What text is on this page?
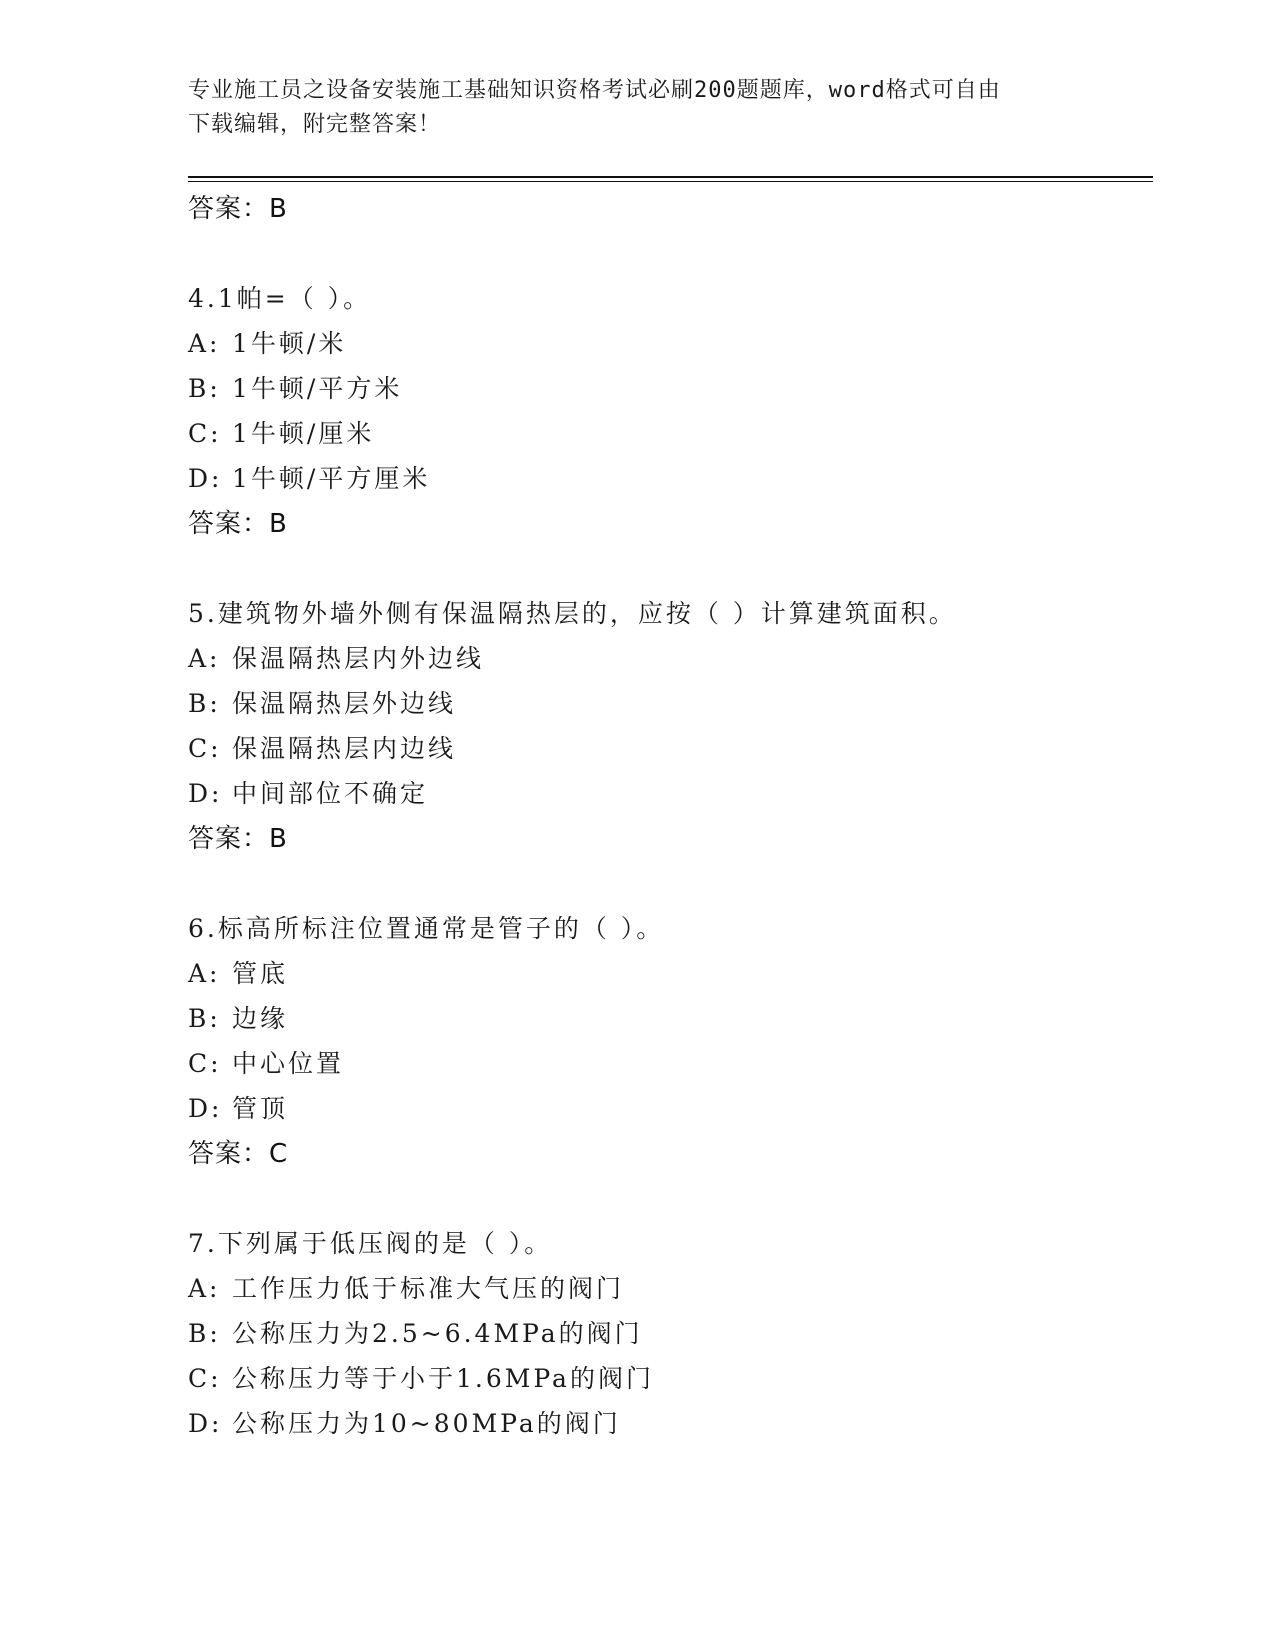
专业施工员之设备安装施工基础知识资格考试必刷200题题库，word格式可自由
下载编辑，附完整答案！
答案：B
4.1帕=（ ）。
A: 1牛顿/米
B: 1牛顿/平方米
C: 1牛顿/厘米
D: 1牛顿/平方厘米
答案：B
5.建筑物外墙外侧有保温隔热层的，应按（ ）计算建筑面积。
A: 保温隔热层内外边线
B: 保温隔热层外边线
C: 保温隔热层内边线
D: 中间部位不确定
答案：B
6.标高所标注位置通常是管子的（ ）。
A: 管底
B: 边缘
C: 中心位置
D: 管顶
答案：C
7.下列属于低压阀的是（ ）。
A: 工作压力低于标准大气压的阀门
B: 公称压力为2.5~6.4MPa的阀门
C: 公称压力等于小于1.6MPa的阀门
D: 公称压力为10~80MPa的阀门
